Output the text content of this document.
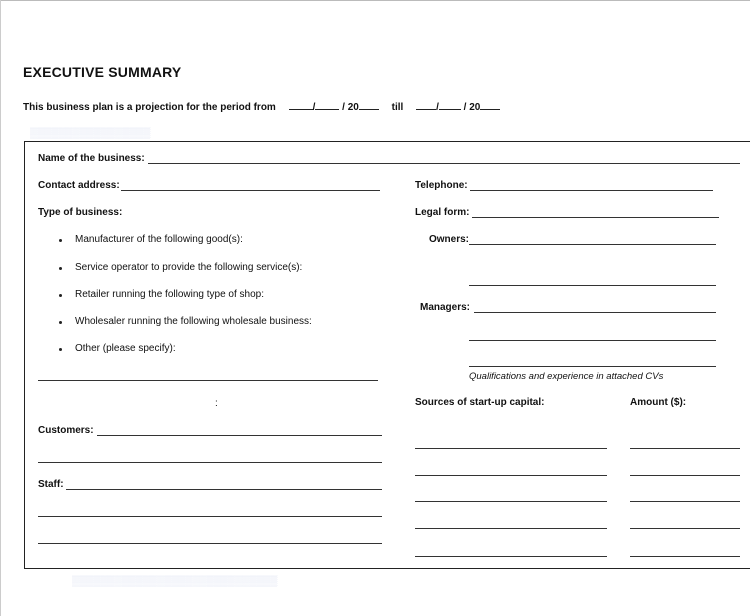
EXECUTIVE SUMMARY
This business plan is a projection for the period from	/	/ 20	till	/ / 20
▒▒▒▒▒▒▒▒▒▒▒▒▒▒▒▒▒
Name of the business:
Contact address:	Telephone:
Type of business:	Legal form:
Manufacturer of the following good(s):
Service operator to provide the following service(s):
Retailer running the following type of shop:
Wholesaler running the following wholesale business:
Other (please specify):
Owners:
Managers:
Qualifications and experience in attached CVs
:	Sources of start-up capital:	Amount ($):
Customers:
Staff:
▒▒▒▒▒▒▒▒▒▒▒▒▒▒▒▒▒▒▒▒▒▒▒▒▒▒▒▒▒
